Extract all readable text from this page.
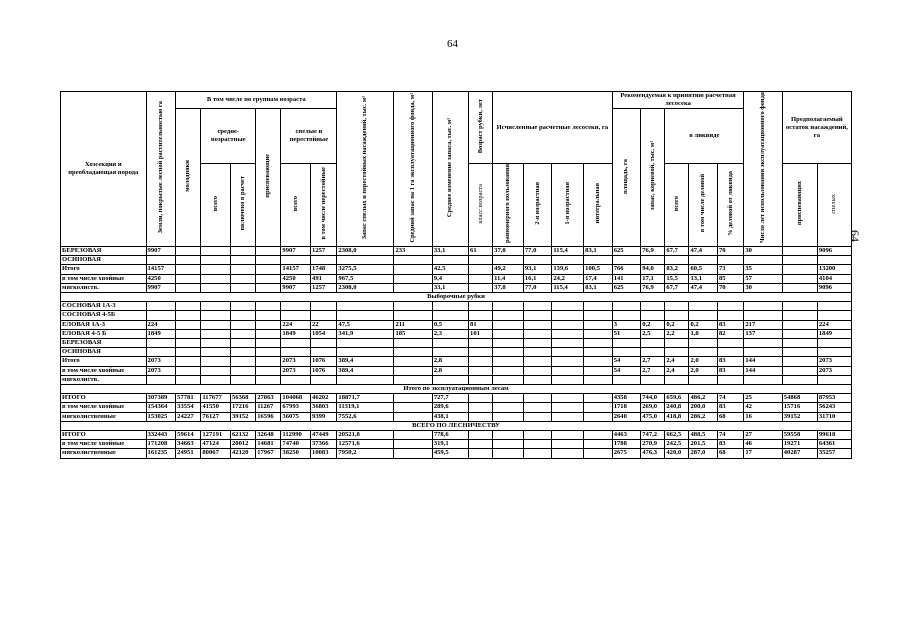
64
64
Хозсекция и преобладающая порода	Земли, покрытые лесной растительностью га	В том числе по группам возраста						Запас спелых и перестойных насаждений, тыс. м³	Средний запас на 1 га эксплуатационного фонда, м³	Среднее изменение запаса, тыс. м³	Возраст рубки, лет	Исчисленные расчетные лесосеки, га				Рекомендуемая к принятию расчетная лесосека					Число лет использования эксплуатационного фонда	Предполагаемый остаток насаждений, га	
		молодняки	средне-возрастные		приспевающие	спелые и перестойные										площадь, га	запас, корневой, тыс. м³	в ликвиде					
			всего	включено в расчет		всего	в том числе перестойные				класс возраста	равномерного пользования	2-я возрастная	1-я возрастная	интегральная			всего	в том числе деловой	% деловой от ликвида		приспевающих	спелых
БЕРЕЗОВАЯ	9907					9907	1257	2308,0	233	33,1	61	37,8	77,0	115,4	83,1	625	76,9	67,7	47,4	70	30		9096
ОСИНОВАЯ																							
Итого	14157					14157	1748	3275,5		42,5		49,2	93,1	139,6	100,5	766	94,0	83,2	60,5	73	35		13200
в том числе хвойные	4250					4250	491	967,5		9,4		11,4	16,1	24,2	17,4	141	17,1	15,5	13,1	85	57		4104
мягколиств.	9907					9907	1257	2308,0		33,1		37,8	77,0	115,4	83,1	625	76,9	67,7	47,4	70	30		9096
Выборочные рубки																							
СОСНОВАЯ 1А-3																							
СОСНОВАЯ 4-5Б																							
ЕЛОВАЯ 1А-3	224					224	22	47,5	211	0,5	81					3	0,2	0,2	0,2	83	217		224
ЕЛОВАЯ 4-5 Б	1849					1849	1054	341,9	185	2,3	101					51	2,5	2,2	1,8	82	137		1849
БЕРЕЗОВАЯ																							
ОСИНОВАЯ																							
Итого	2073					2073	1076	389,4		2,8						54	2,7	2,4	2,0	83	144		2073
в том числе хвойные	2073					2073	1076	389,4		2,8						54	2,7	2,4	2,0	83	144		2073
мягколиств.																							
Итого по эксплуатационным лесам																							
ИТОГО	307389	57781	117677	56368	27863	104068	46202	18871,7		727,7						4358	744,0	659,6	486,2	74	25	54868	87953
в том числе хвойные	154364	33554	41550	17216	11267	67993	36803	11319,1		289,6						1718	269,0	240,8	200,0	83	42	15716	56243
мягколиственные	153025	24227	76127	39152	16596	36075	9399	7552,6		438,1						2640	475,0	418,8	286,2	68	16	39152	31710
ВСЕГО ПО ЛЕСНИЧЕСТВУ																							
ИТОГО	332443	59614	127191	62132	32648	112990	47449	20521,8		778,6						4463	747,2	662,5	488,5	74	27	59558	99618
в том числе хвойные	171208	34663	47124	20012	14681	74740	37366	12571,6		319,1						1788	270,9	242,5	201,5	83	46	19271	64361
мягколиственные	161235	24951	80067	42120	17967	38250	10083	7950,2		459,5						2675	476,3	420,0	287,0	68	17	40287	35257
